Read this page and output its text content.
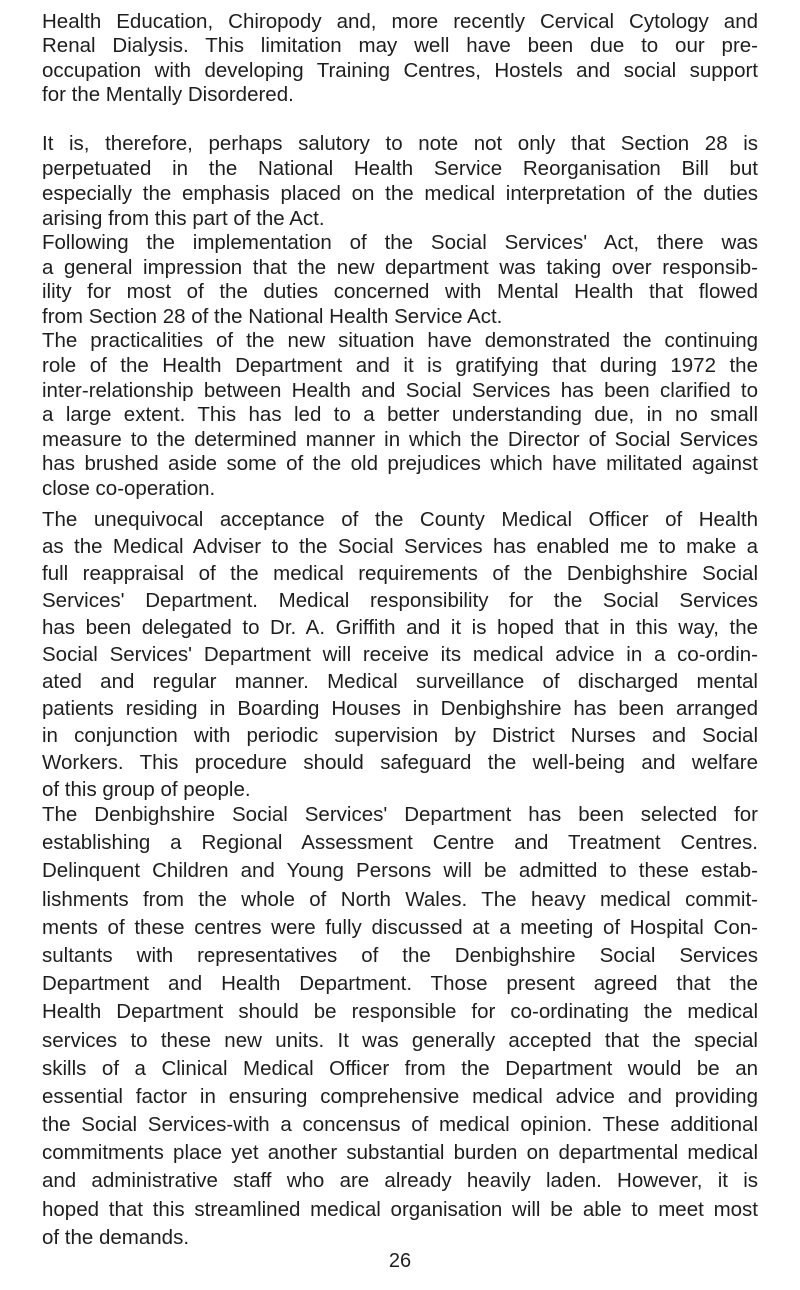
Health Education, Chiropody and, more recently Cervical Cytology and
Renal Dialysis. This limitation may well have been due to our pre-
occupation with developing Training Centres, Hostels and social support
for the Mentally Disordered.
It is, therefore, perhaps salutory to note not only that Section 28 is
perpetuated in the National Health Service Reorganisation Bill but
especially the emphasis placed on the medical interpretation of the duties
arising from this part of the Act.
Following the implementation of the Social Services' Act, there was
a general impression that the new department was taking over responsib-
ility for most of the duties concerned with Mental Health that flowed
from Section 28 of the National Health Service Act.
The practicalities of the new situation have demonstrated the continuing
role of the Health Department and it is gratifying that during 1972 the
inter-relationship between Health and Social Services has been clarified to
a large extent. This has led to a better understanding due, in no small
measure to the determined manner in which the Director of Social Services
has brushed aside some of the old prejudices which have militated against
close co-operation.
The unequivocal acceptance of the County Medical Officer of Health
as the Medical Adviser to the Social Services has enabled me to make a
full reappraisal of the medical requirements of the Denbighshire Social
Services' Department. Medical responsibility for the Social Services
has been delegated to Dr. A. Griffith and it is hoped that in this way, the
Social Services' Department will receive its medical advice in a co-ordin-
ated and regular manner. Medical surveillance of discharged mental
patients residing in Boarding Houses in Denbighshire has been arranged
in conjunction with periodic supervision by District Nurses and Social
Workers. This procedure should safeguard the well-being and welfare
of this group of people.
The Denbighshire Social Services' Department has been selected for
establishing a Regional Assessment Centre and Treatment Centres.
Delinquent Children and Young Persons will be admitted to these estab-
lishments from the whole of North Wales. The heavy medical commit-
ments of these centres were fully discussed at a meeting of Hospital Con-
sultants with representatives of the Denbighshire Social Services
Department and Health Department. Those present agreed that the
Health Department should be responsible for co-ordinating the medical
services to these new units. It was generally accepted that the special
skills of a Clinical Medical Officer from the Department would be an
essential factor in ensuring comprehensive medical advice and providing
the Social Services-with a concensus of medical opinion. These additional
commitments place yet another substantial burden on departmental medical
and administrative staff who are already heavily laden. However, it is
hoped that this streamlined medical organisation will be able to meet most
of the demands.
26
